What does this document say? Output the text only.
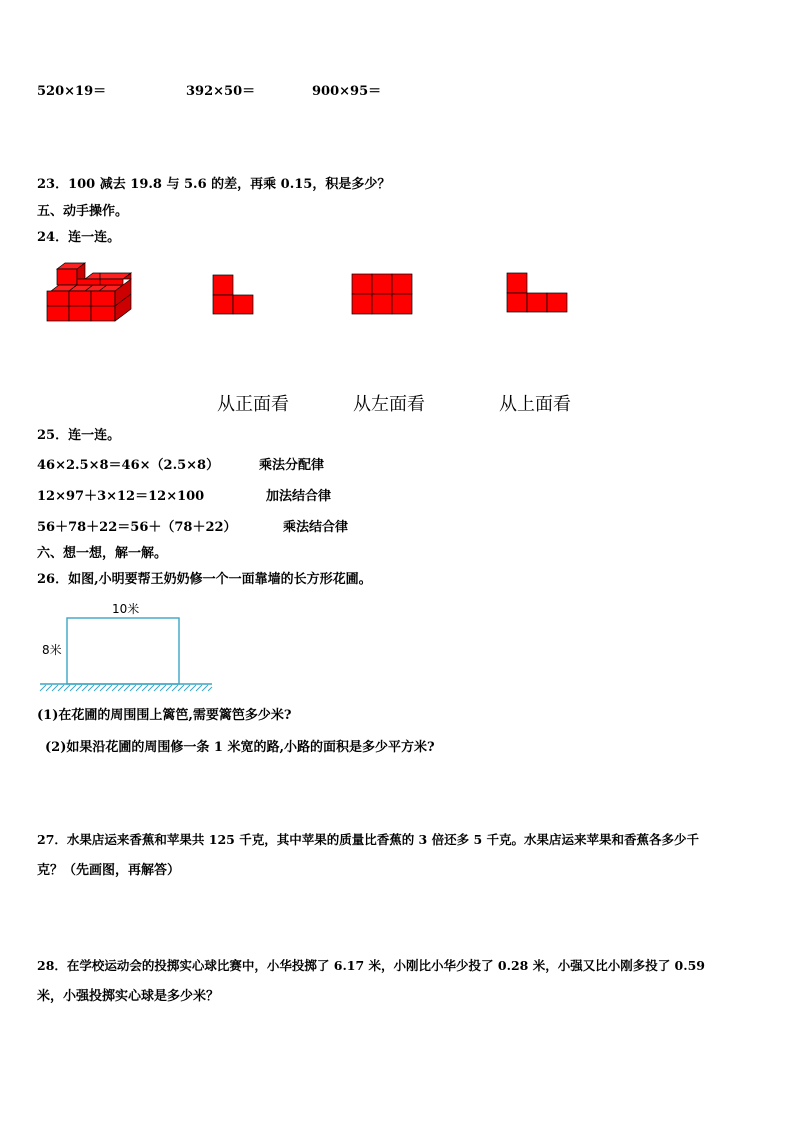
520×19＝	392×50＝	900×95＝
23．100 减去 19.8 与 5.6 的差，再乘 0.15，积是多少？
五、动手操作。
24．连一连。
从正面看	从左面看	从上面看
25．连一连。
46×2.5×8＝46×（2.5×8）	乘法分配律
12×97＋3×12＝12×100	加法结合律
56＋78＋22＝56＋（78＋22）	乘法结合律
六、想一想，解一解。
26．如图,小明要帮王奶奶修一个一面靠墙的长方形花圃。
10米
8米
(1)在花圃的周围围上篱笆,需要篱笆多少米?
(2)如果沿花圃的周围修一条 1 米宽的路,小路的面积是多少平方米?
27．水果店运来香蕉和苹果共 125 千克，其中苹果的质量比香蕉的 3 倍还多 5 千克。水果店运来苹果和香蕉各多少千
克？（先画图，再解答）
28．在学校运动会的投掷实心球比赛中，小华投掷了 6.17 米，小刚比小华少投了 0.28 米，小强又比小刚多投了 0.59
米，小强投掷实心球是多少米？
